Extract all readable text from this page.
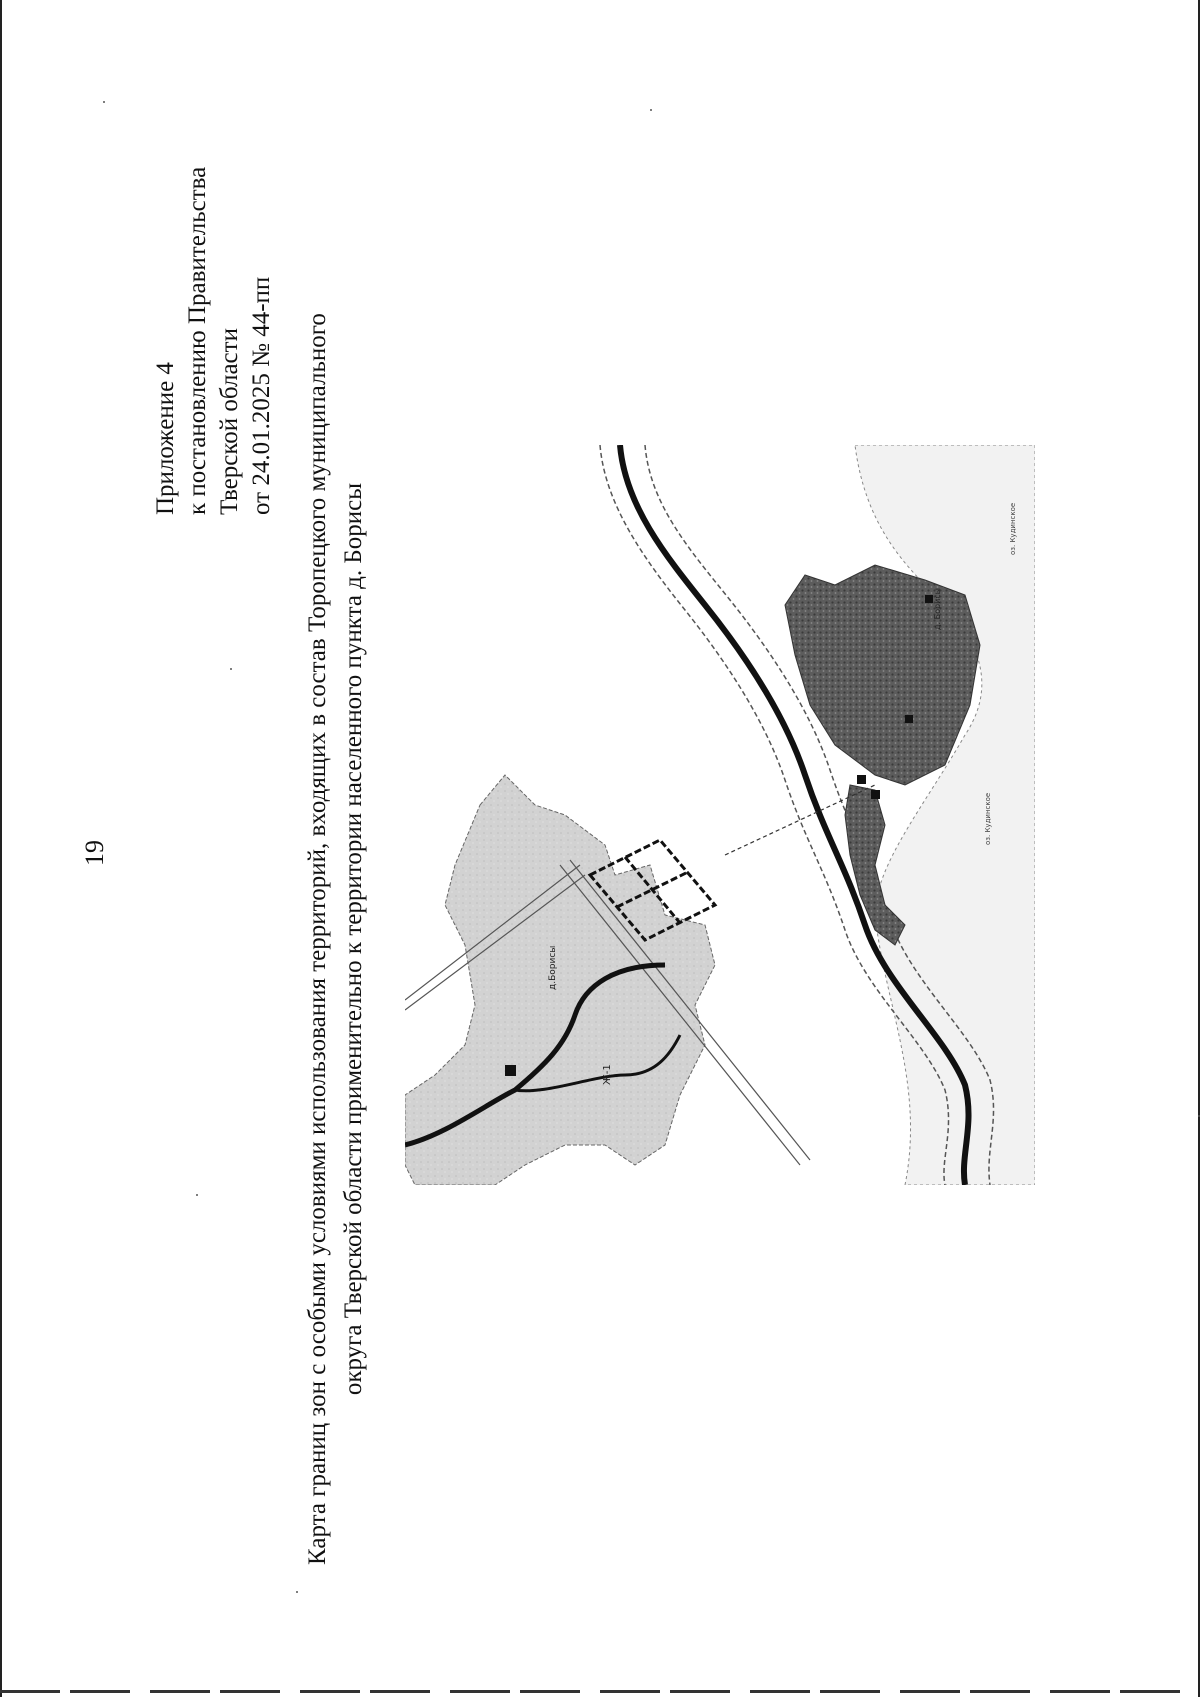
19
Приложение 4 к постановлению Правительства Тверской области от 24.01.2025 № 44-пп Карта границ зон с особыми условиями использования территорий, входящих в состав Торопецкого муниципального округа Тверской области применительно к территории населенного пункта д. Борисы	д.Борисы
Ж-1
д. Борисы
оз. Кудинское
оз. Кудинское
